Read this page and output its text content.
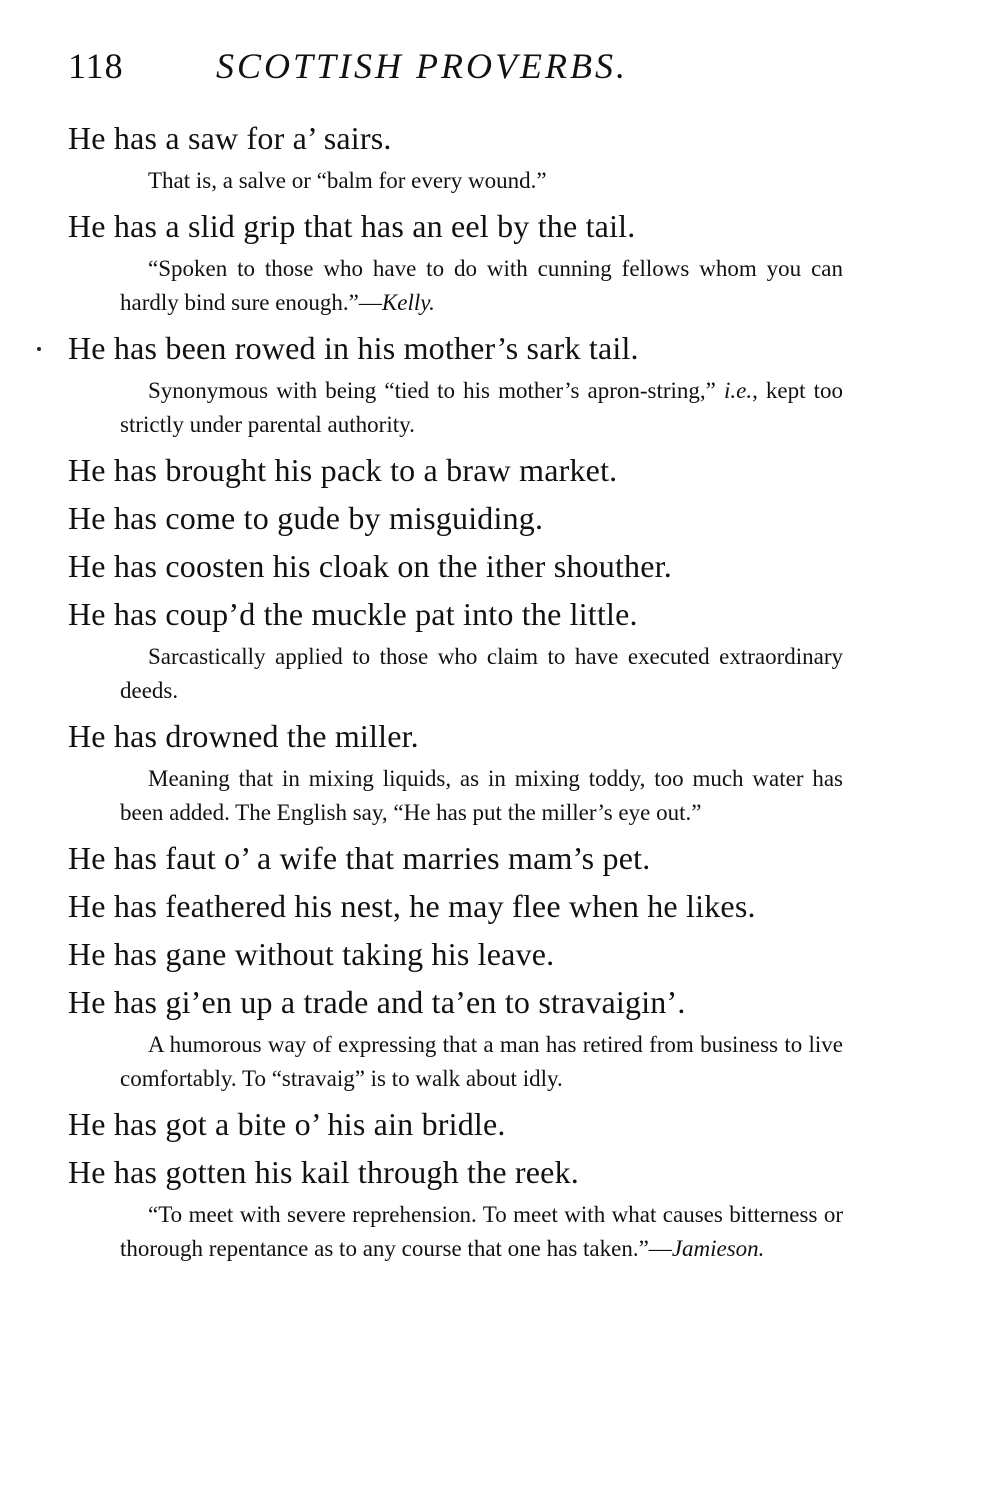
118	SCOTTISH PROVERBS.

He has a saw for a’ sairs.

That is, a salve or “balm for every wound.”

He has a slid grip that has an eel by the tail.

“Spoken to those who have to do with cunning fellows whom you can hardly bind sure enough.”—Kelly.

He has been rowed in his mother’s sark tail.

Synonymous with being “tied to his mother’s apron-string,” i.e., kept too strictly under parental authority.

He has brought his pack to a braw market.

He has come to gude by misguiding.

He has coosten his cloak on the ither shouther.

He has coup’d the muckle pat into the little.

Sarcastically applied to those who claim to have executed extraordinary deeds.

He has drowned the miller.

Meaning that in mixing liquids, as in mixing toddy, too much water has been added. The English say, “He has put the miller’s eye out.”

He has faut o’ a wife that marries mam’s pet.

He has feathered his nest, he may flee when he likes.

He has gane without taking his leave.

He has gi’en up a trade and ta’en to stravaigin’.

A humorous way of expressing that a man has retired from business to live comfortably. To “stravaig” is to walk about idly.

He has got a bite o’ his ain bridle.

He has gotten his kail through the reek.

“To meet with severe reprehension. To meet with what causes bitterness or thorough repentance as to any course that one has taken.”—Jamieson.
